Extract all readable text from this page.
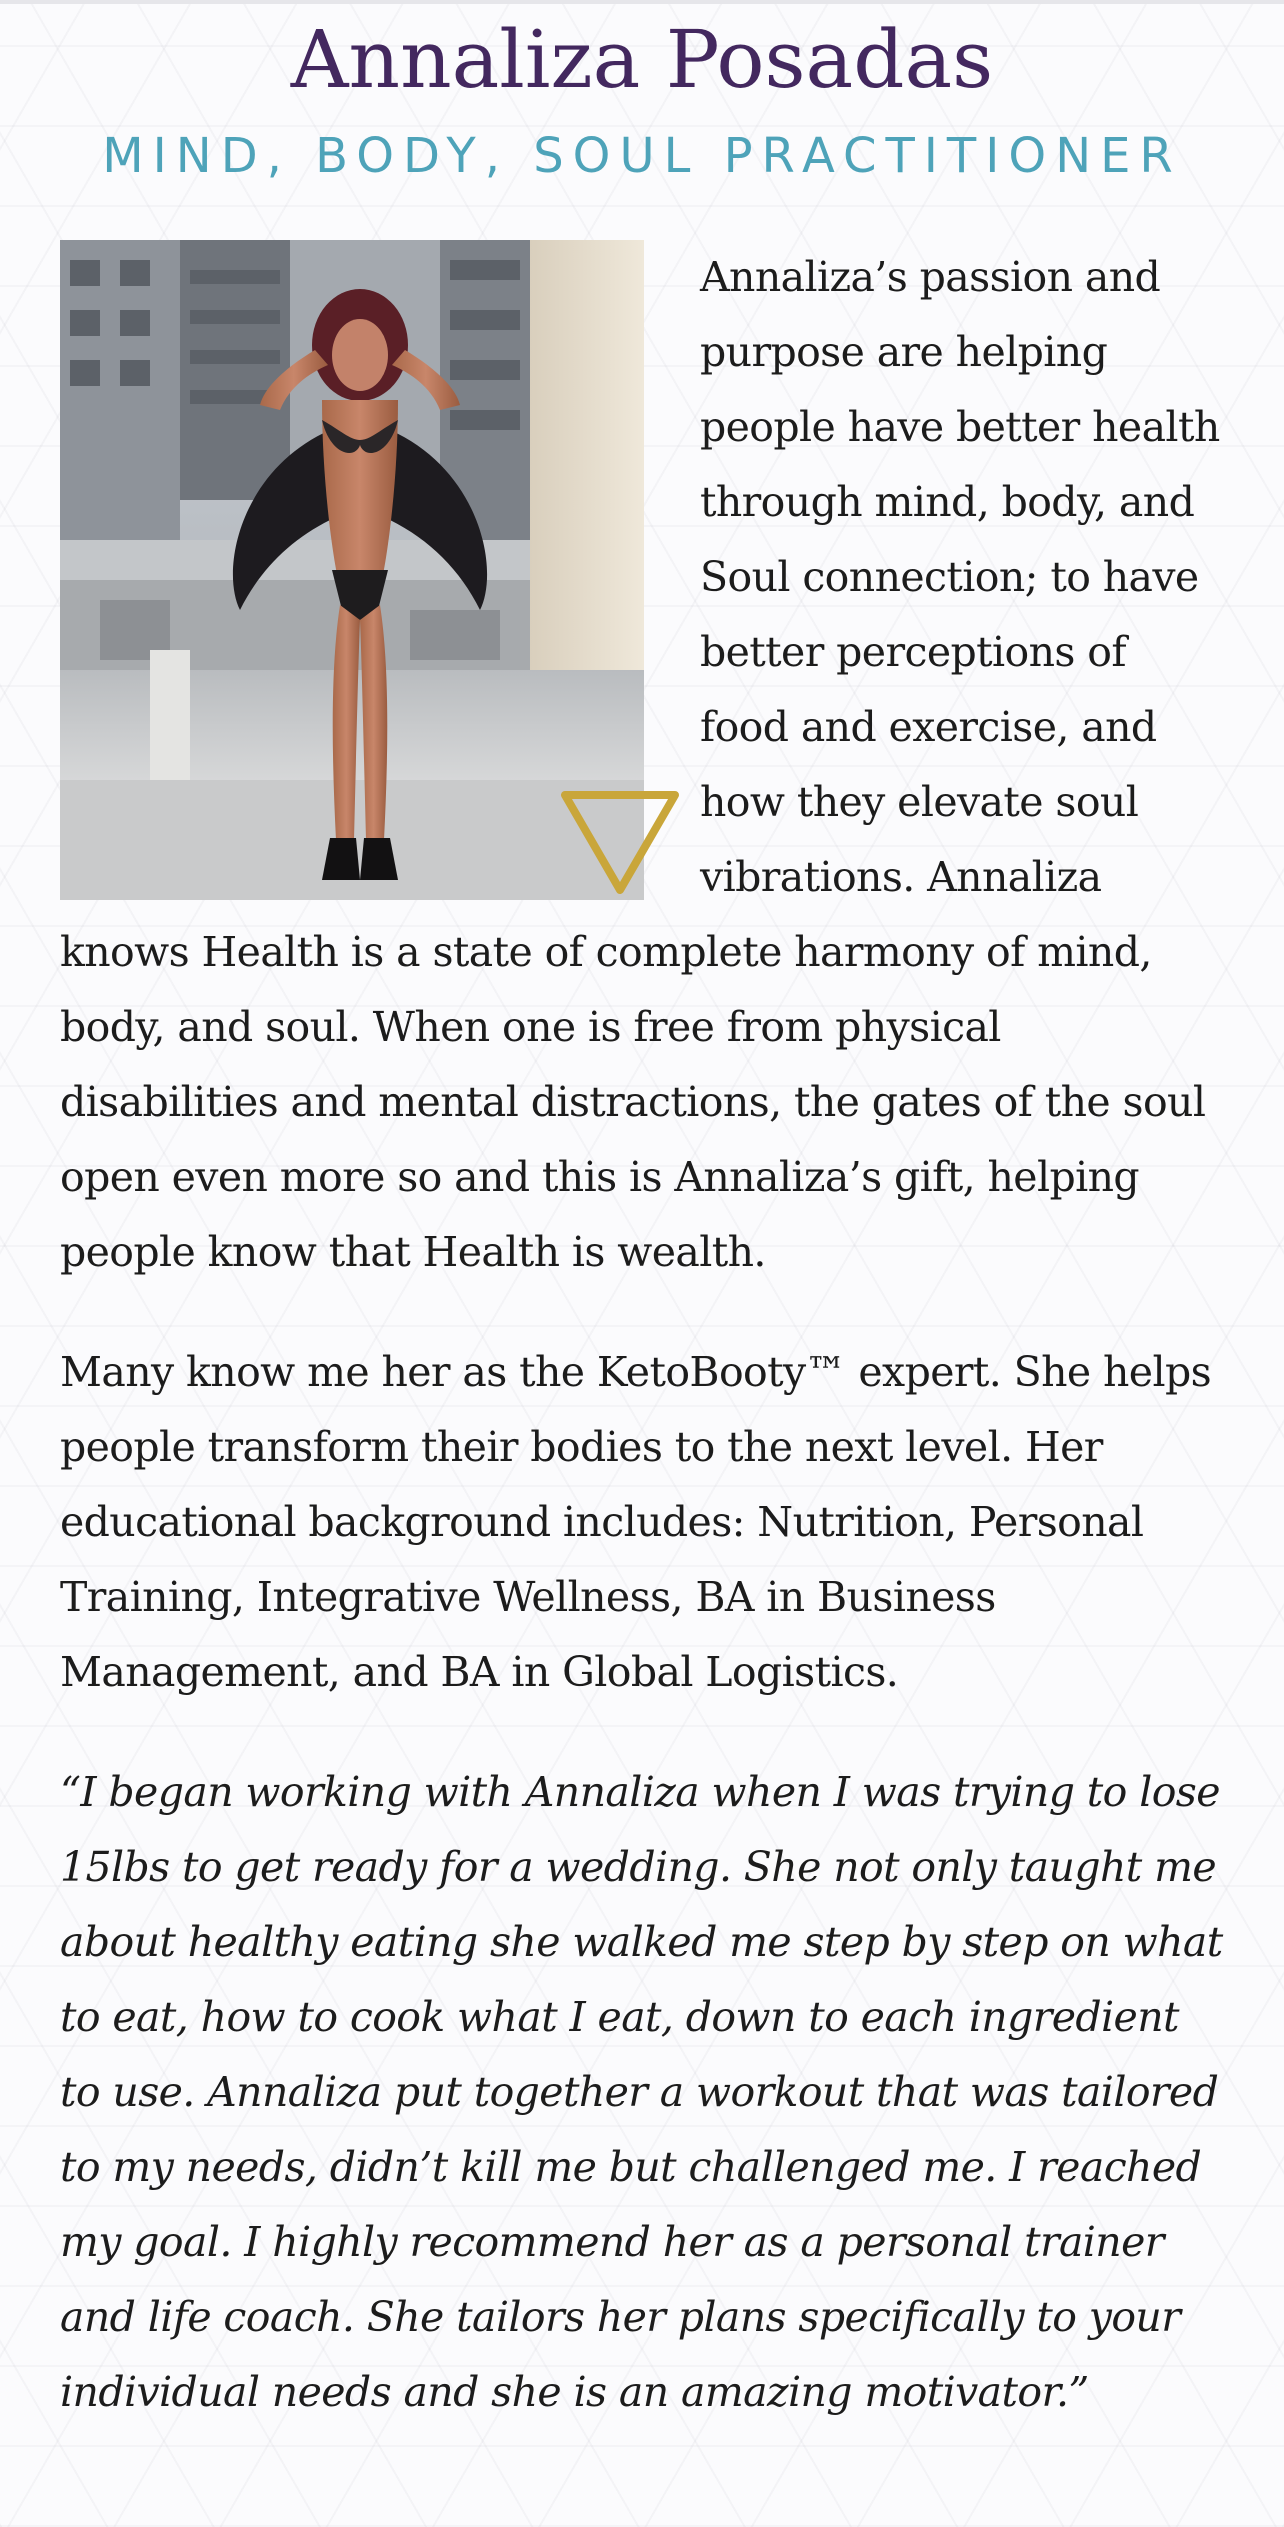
Annaliza Posadas
MIND, BODY, SOUL PRACTITIONER

Annaliza’s passion and purpose are helping people have better health through mind, body, and Soul connection; to have better perceptions of food and exercise, and how they elevate soul vibrations. Annaliza knows Health is a state of complete harmony of mind, body, and soul. When one is free from physical disabilities and mental distractions, the gates of the soul open even more so and this is Annaliza’s gift, helping people know that Health is wealth.

Many know me her as the KetoBooty™ expert. She helps people transform their bodies to the next level. Her educational background includes: Nutrition, Personal Training, Integrative Wellness, BA in Business Management, and BA in Global Logistics.

“I began working with Annaliza when I was trying to lose 15lbs to get ready for a wedding. She not only taught me about healthy eating she walked me step by step on what to eat, how to cook what I eat, down to each ingredient to use. Annaliza put together a workout that was tailored to my needs, didn’t kill me but challenged me. I reached my goal. I highly recommend her as a personal trainer and life coach. She tailors her plans specifically to your individual needs and she is an amazing motivator.”
